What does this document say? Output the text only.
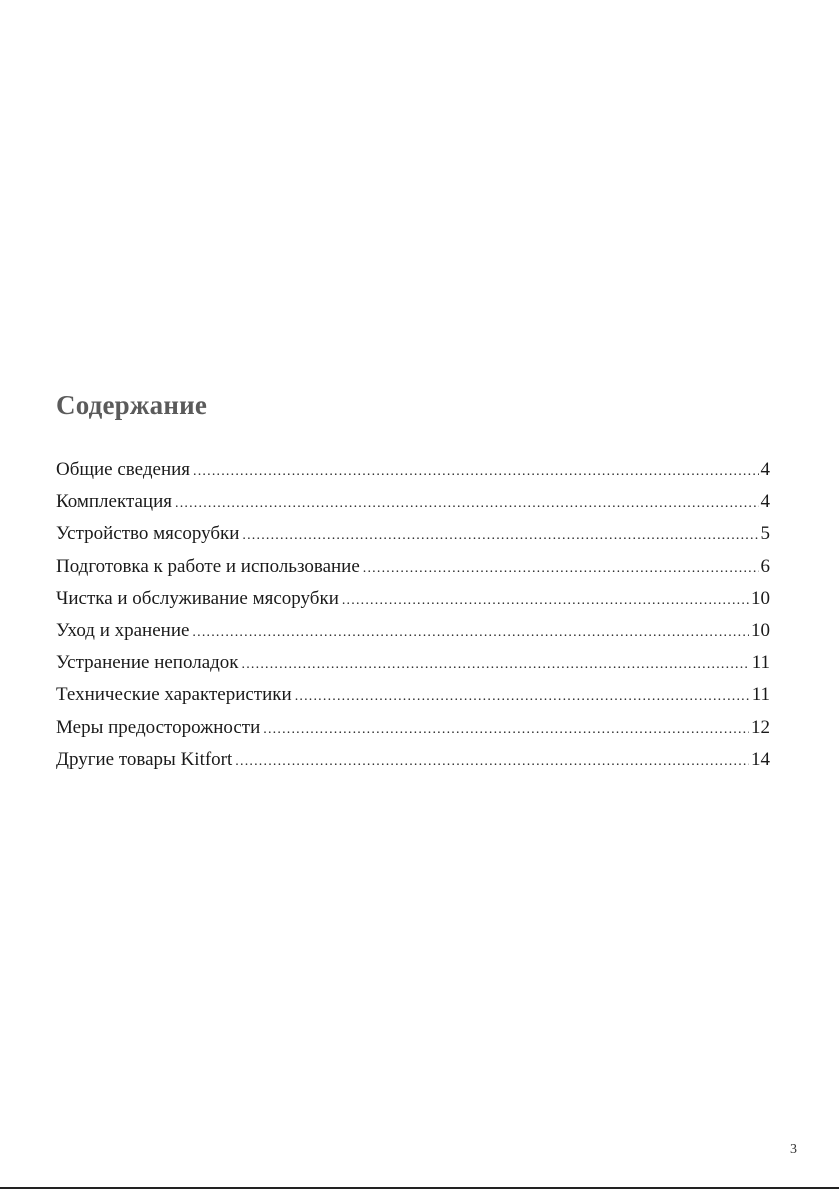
Содержание
Общие сведения .....	4
Комплектация .....	4
Устройство мясорубки .....	5
Подготовка к работе и использование .....	6
Чистка и обслуживание мясорубки .....	10
Уход и хранение .....	10
Устранение неполадок .....	11
Технические характеристики .....	11
Меры предосторожности .....	12
Другие товары Kitfort .....	14
3
